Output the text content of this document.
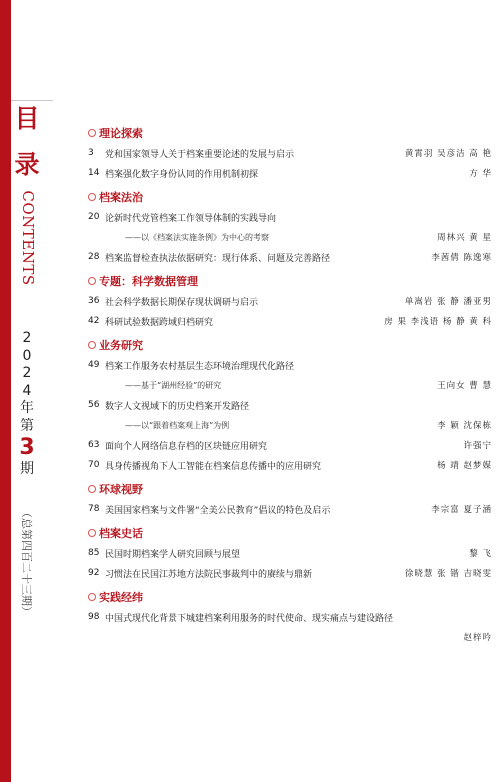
目
录
CONTENTS
2
0
2
4
年
第
3
期
（总第四百二十三期）
理论探索
3	党和国家领导人关于档案重要论述的发展与启示	黄霄羽 吴彦洁 高 艳
14 档案强化数字身份认同的作用机制初探	方 华
档案法治
20 论新时代党管档案工作领导体制的实践导向
——以《档案法实施条例》为中心的考察	周林兴 黄 星
28 档案监督检查执法依据研究：现行体系、问题及完善路径	李茜倩 陈逸寒
专题：科学数据管理
36 社会科学数据长期保存现状调研与启示	单嵩岩 张 静 潘亚男
42 科研试验数据跨域归档研究	房 果 李浅语 杨 静 黄 科
业务研究
49 档案工作服务农村基层生态环境治理现代化路径
——基于“湖州经验”的研究	王向女 曹 慧
56 数字人文视域下的历史档案开发路径
——以“跟着档案观上海”为例	李 颖 沈保栋
63 面向个人网络信息存档的区块链应用研究	许强宁
70 具身传播视角下人工智能在档案信息传播中的应用研究	杨 靖 赵梦媒
环球视野
78 美国国家档案与文件署“全美公民教育”倡议的特色及启示	李宗富 夏子涵
档案史话
85 民国时期档案学人研究回顾与展望	黎 飞
92 习惯法在民国江苏地方法院民事裁判中的赓续与鼎新	徐晓慧 张 锴 吉晓雯
实践经纬
98 中国式现代化背景下城建档案利用服务的时代使命、现实痛点与建设路径
赵梓吟
